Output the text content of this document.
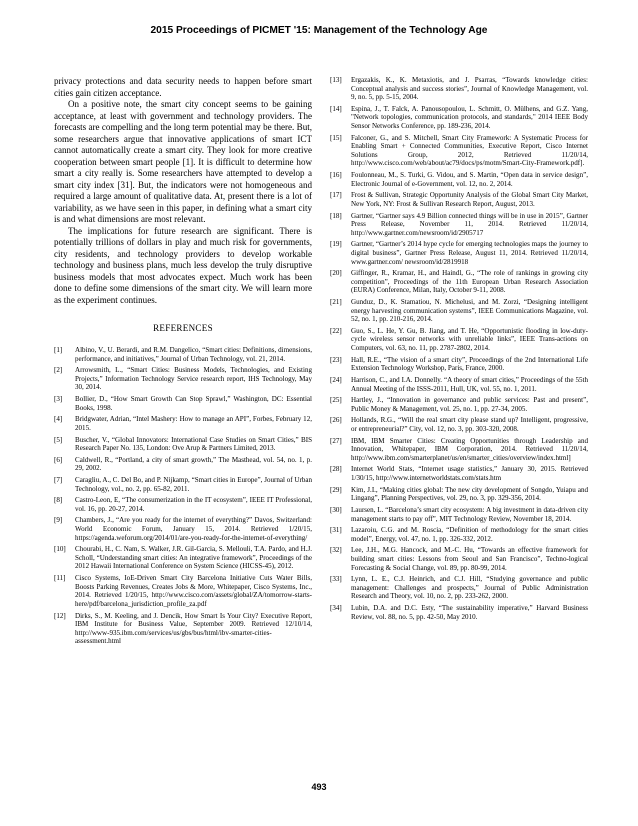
2015 Proceedings of PICMET '15: Management of the Technology Age

privacy protections and data security needs to happen before smart cities gain citizen acceptance.

On a positive note, the smart city concept seems to be gaining acceptance, at least with government and technology providers. The forecasts are compelling and the long term potential may be there. But, some researchers argue that innovative applications of smart ICT cannot automatically create a smart city. They look for more creative cooperation between smart people [1]. It is difficult to determine how smart a city really is. Some researchers have attempted to develop a smart city index [31]. But, the indicators were not homogeneous and required a large amount of qualitative data. At, present there is a lot of variability, as we have seen in this paper, in defining what a smart city is and what dimensions are most relevant.

The implications for future research are significant. There is potentially trillions of dollars in play and much risk for governments, city residents, and technology providers to develop workable technology and business plans, much less develop the truly disruptive business models that most advocates expect. Much work has been done to define some dimensions of the smart city. We will learn more as the experiment continues.

REFERENCES
[1]	Albino, V., U. Berardi, and R.M. Dangelico, “Smart cities: Definitions, dimensions, performance, and initiatives,” Journal of Urban Technology, vol. 21, 2014.
[2]	Arrowsmith, L., “Smart Cities: Business Models, Technologies, and Existing Projects,” Information Technology Service research report, IHS Technology, May 30, 2014.
[3]	Bollier, D., “How Smart Growth Can Stop Sprawl,” Washington, DC: Essential Books, 1998.
[4]	Bridgwater, Adrian, “Intel Mashery: How to manage an API”, Forbes, February 12, 2015.
[5]	Buscher, V., “Global Innovators: International Case Studies on Smart Cities,” BIS Research Paper No. 135, London: Ove Arup & Partners Limited, 2013.
[6]	Caldwell, R., “Portland, a city of smart growth,” The Masthead, vol. 54, no. 1, p. 29, 2002.
[7]	Caragliu, A., C. Del Bo, and P. Nijkamp, “Smart cities in Europe”, Journal of Urban Technology, vol., no. 2, pp. 65-82, 2011.
[8]	Castro-Leon, E, “The consumerization in the IT ecosystem”, IEEE IT Professional, vol. 16, pp. 20-27, 2014.
[9]	Chambers, J., “Are you ready for the internet of everything?” Davos, Switzerland: World Economic Forum, January 15, 2014. Retrieved 1/20/15, https://agenda.weforum.org/2014/01/are-you-ready-for-the-internet-of-everything/
[10]	Chourabi, H., C. Nam, S. Walker, J.R. Gil-Garcia, S. Mellouli, T.A. Pardo, and H.J. Scholl, “Understanding smart cities: An integrative framework”, Proceedings of the 2012 Hawaii International Conference on System Science (HICSS-45), 2012.
[11]	Cisco Systems, IoE-Driven Smart City Barcelona Initiative Cuts Water Bills, Boosts Parking Revenues, Creates Jobs & More, Whitepaper, Cisco Systems, Inc., 2014. Retrieved 1/20/15, http://www.cisco.com/assets/global/ZA/tomorrow-starts-here/pdf/barcelona_jurisdiction_profile_za.pdf
[12]	Dirks, S., M. Keeling, and J. Dencik, How Smart Is Your City? Executive Report, IBM Institute for Business Value, September 2009. Retrieved 12/10/14, http://www-935.ibm.com/services/us/gbs/bus/html/ibv-smarter-cities-assessment.html
[13]	Ergazakis, K., K. Metaxiotis, and J. Psarras, “Towards knowledge cities: Conceptual analysis and success stories”, Journal of Knowledge Management, vol. 9, no. 5, pp. 5-15, 2004.
[14]	Espina, J., T. Falck, A. Panousopoulou, L. Schmitt, O. Mülhens, and G.Z. Yang, "Network topologies, communication protocols, and standards," 2014 IEEE Body Sensor Networks Conference, pp. 189-236, 2014.
[15]	Falconer, G., and S. Mitchell, Smart City Framework: A Systematic Process for Enabling Smart + Connected Communities, Executive Report, Cisco Internet Solutions Group, 2012, Retrieved 11/20/14, http://www.cisco.com/web/about/ac79/docs/ps/motm/Smart-City-Framework.pdf].
[16]	Foulonneau, M., S. Turki, G. Vidou, and S. Martin, “Open data in service design”, Electronic Journal of e-Government, vol. 12, no. 2, 2014.
[17]	Frost & Sullivan, Strategic Opportunity Analysis of the Global Smart City Market, New York, NY: Frost & Sullivan Research Report, August, 2013.
[18]	Gartner, “Gartner says 4.9 Billion connected things will be in use in 2015”, Gartner Press Release, November 11, 2014. Retrieved 11/20/14, http://www.gartner.com/newsroom/id/2905717
[19]	Gartner, “Gartner’s 2014 hype cycle for emerging technologies maps the journey to digital business”, Gartner Press Release, August 11, 2014. Retrieved 11/20/14, www.gartner.com/ newsroom/id/2819918
[20]	Giffinger, R., Kramar, H., and Haindl, G., “The role of rankings in growing city competition”, Proceedings of the 11th European Urban Research Association (EURA) Conference, Milan, Italy, October 9-11, 2008.
[21]	Gunduz, D., K. Stamatiou, N. Michelusi, and M. Zorzi, “Designing intelligent energy harvesting communication systems”, IEEE Communications Magazine, vol. 52, no. 1, pp. 210-216, 2014.
[22]	Guo, S., L. He, Y. Gu, B. Jiang, and T. He, “Opportunistic flooding in low-duty-cycle wireless sensor networks with unreliable links”, IEEE Trans-actions on Computers, vol. 63, no. 11, pp. 2787-2802, 2014.
[23]	Hall, R.E., “The vision of a smart city”, Proceedings of the 2nd International Life Extension Technology Workshop, Paris, France, 2000.
[24]	Harrison, C., and I.A. Donnelly. “A theory of smart cities,” Proceedings of the 55th Annual Meeting of the ISSS-2011, Hull, UK, vol. 55, no. 1, 2011.
[25]	Hartley, J., “Innovation in governance and public services: Past and present”, Public Money & Management, vol. 25, no. 1, pp. 27-34, 2005.
[26]	Hollands, R.G., “Will the real smart city please stand up? Intelligent, progressive, or entrepreneurial?” City, vol. 12, no. 3, pp. 303-320, 2008.
[27]	IBM, IBM Smarter Cities: Creating Opportunities through Leadership and Innovation, Whitepaper, IBM Corporation, 2014. Retrieved 11/20/14, http://www.ibm.com/smarterplanet/us/en/smarter_cities/overview/index.html]
[28]	Internet World Stats, “Internet usage statistics,” January 30, 2015. Retrieved 1/30/15, http://www.internetworldstats.com/stats.htm
[29]	Kim, J.I., “Making cities global: The new city development of Songdo, Yuiapu and Lingang”, Planning Perspectives, vol. 29, no. 3, pp. 329-356, 2014.
[30]	Laursen, L. “Barcelona’s smart city ecosystem: A big investment in data-driven city management starts to pay off”, MIT Technology Review, November 18, 2014.
[31]	Lazaroiu, C.G. and M. Roscia, “Definition of methodology for the smart cities model”, Energy, vol. 47, no. 1, pp. 326-332, 2012.
[32]	Lee, J.H., M.G. Hancock, and M.-C. Hu, “Towards an effective framework for building smart cities: Lessons from Seoul and San Francisco”, Techno-logical Forecasting & Social Change, vol. 89, pp. 80-99, 2014.
[33]	Lynn, L. E., C.J. Heinrich, and C.J. Hill, “Studying governance and public management: Challenges and prospects,” Journal of Public Administration Research and Theory, vol. 10, no. 2, pp. 233-262, 2000.
[34]	Lubin, D.A. and D.C. Esty, “The sustainability imperative,” Harvard Business Review, vol. 88, no. 5, pp. 42-50, May 2010.
493
